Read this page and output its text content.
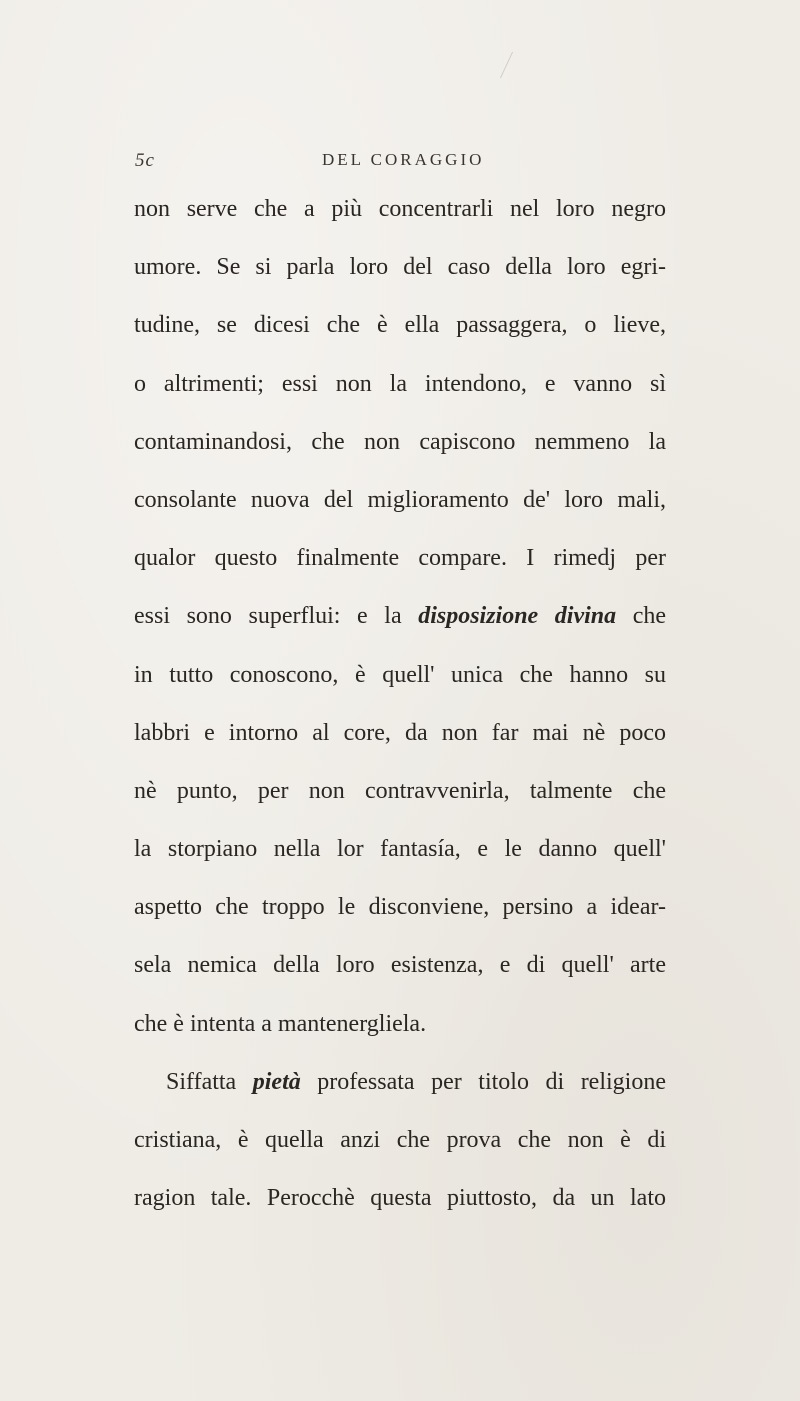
5c	DEL CORAGGIO
non serve che a più concentrarli nel loro negro
umore. Se si parla loro del caso della loro egri-
tudine, se dicesi che è ella passaggera, o lieve,
o altrimenti; essi non la intendono, e vanno sì
contaminandosi, che non capiscono nemmeno la
consolante nuova del miglioramento de' loro mali,
qualor questo finalmente compare. I rimedj per
essi sono superflui: e la disposizione divina che
in tutto conoscono, è quell' unica che hanno su
labbri e intorno al core, da non far mai nè poco
nè punto, per non contravvenirla, talmente che
la storpiano nella lor fantasía, e le danno quell'
aspetto che troppo le disconviene, persino a idear-
sela nemica della loro esistenza, e di quell' arte
che è intenta a mantenergliela.
Siffatta pietà professata per titolo di religione
cristiana, è quella anzi che prova che non è di
ragion tale. Perocchè questa piuttosto, da un lato
